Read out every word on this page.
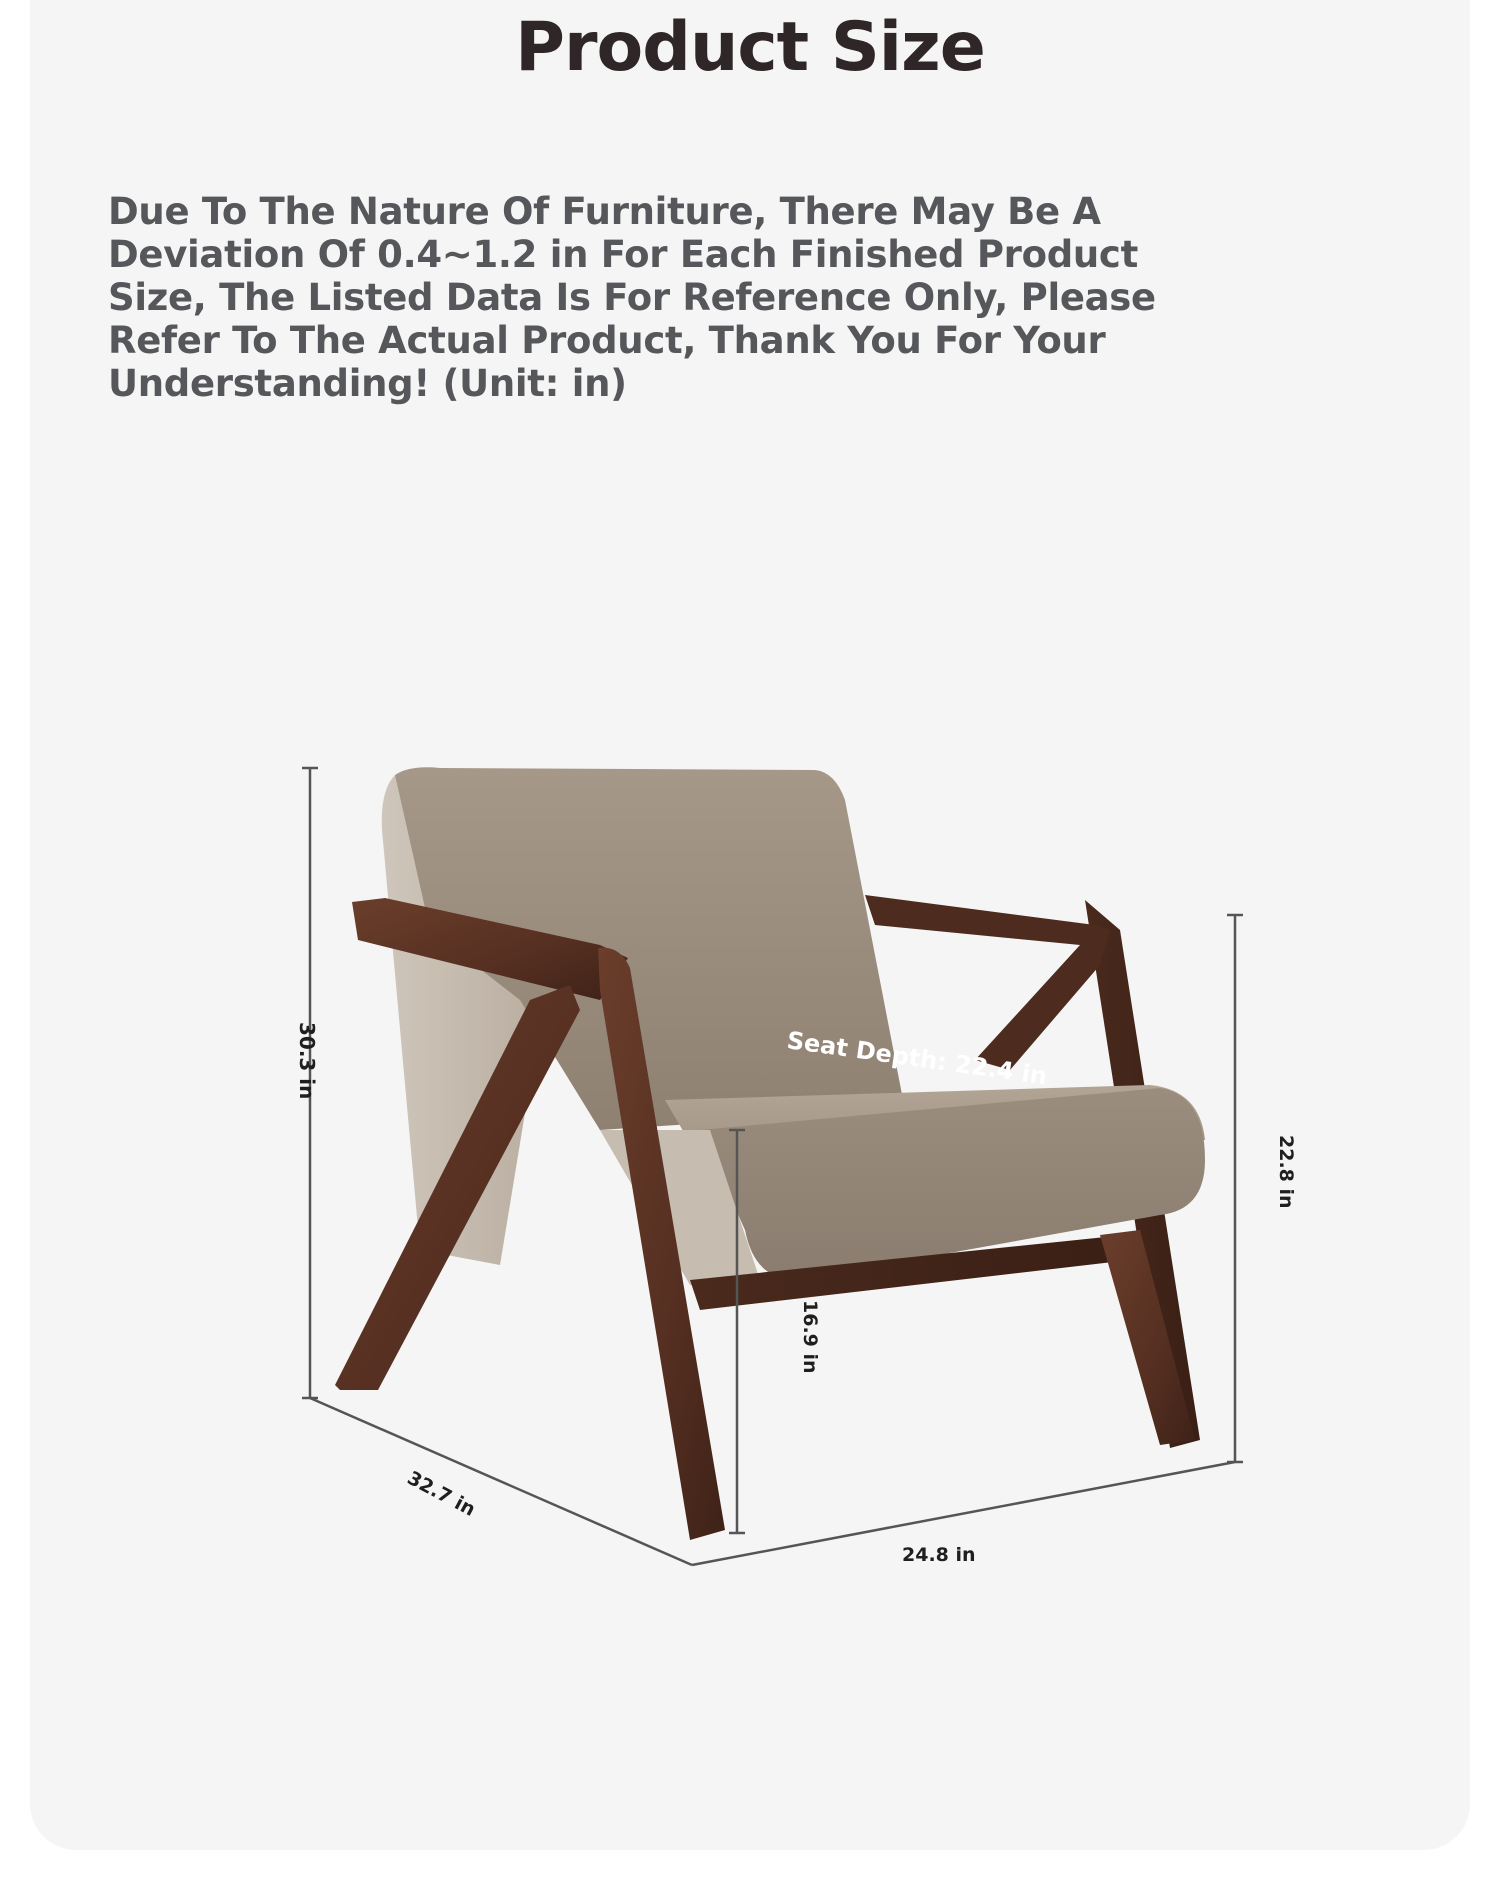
Product Size

Due To The Nature Of Furniture, There May Be A Deviation Of 0.4~1.2 in For Each Finished Product Size, The Listed Data Is For Reference Only, Please Refer To The Actual Product, Thank You For Your Understanding! (Unit: in)

30.3 in	Seat Depth: 22.4 in
16.9 in
22.8 in
32.7 in
24.8 in
